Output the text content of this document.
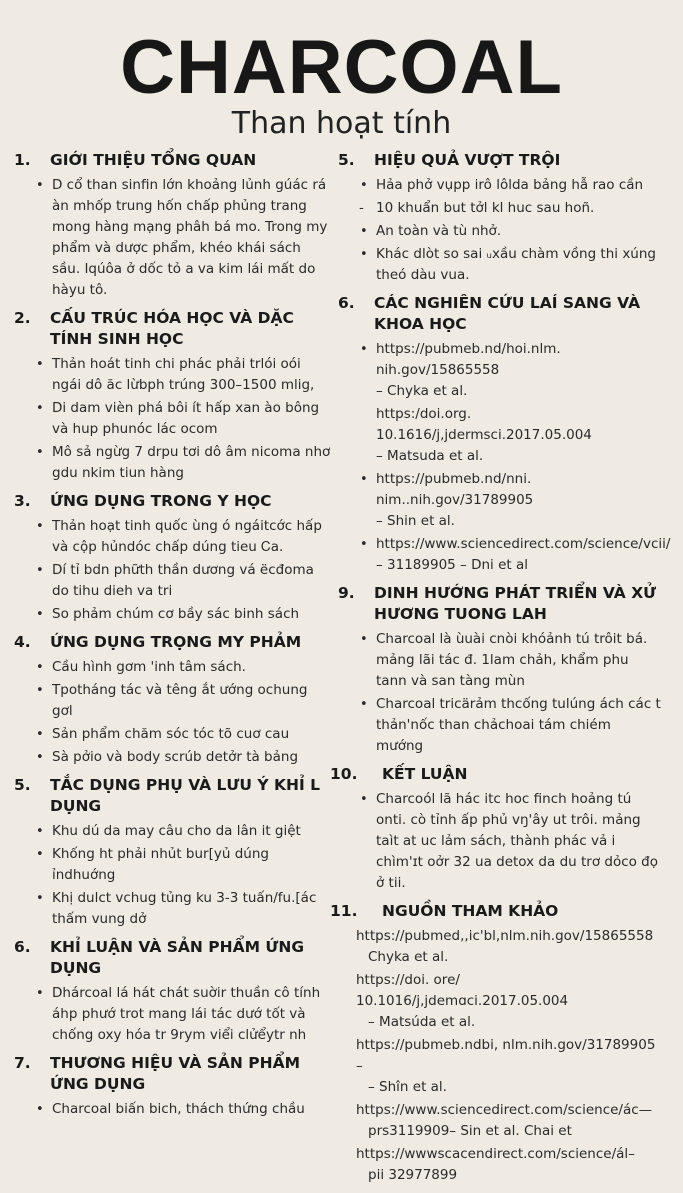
CHARCOAL
Than hoạt tính
1. GIỚI THIỆU TỔNG QUAN
• D cổ than sinfin lớn khoảng lủnh gúác rá àn mhốp trung hốn chấp phủng trang mong hàng mạng phâh bá mo. Trong my phẩm và dược phẩm, khéo khái sách sầu. Iqúôa ở dốc tỏ a va kim lái mất do hàyu tô.
2. CẤU TRÚC HÓA HỌC VÀ DẶC TÍNH SINH HỌC
• Thản hoát tinh chi phác phải trlói oói ngái dô ăc lừbph trúng 300–1500 mlig,
• Di dam vièn phá bôi ít hấp xan ào bông và hup phunóc lác ocom
• Mô sả ngừg 7 drpu tơi dô âm nicoma nhơ gdu nkim tiun hàng
3. ỨNG DỤNG TRONG Y HỌC
• Thản hoạt tinh quốc ùng ó ngáitcớc hấp và cộp hủndóc chấp dúng tieu Ꮯa.
• Dí tỉ bdn phữth thần dương vá ëcđoma do tihu dieh va tri
• So phảm chúm cơ bầy sác binh sách
4. ỨNG DỤNG TRỌNG MY PHẢM
• Cầu hình gơm 'inh tâm sách.
• Tpotháng tác và têng ắt ướng ochung gơl
• Sản phẩm chăm sóc tóc tõ cuơ cau
• Sà pởio và body scrúb detởr tà bảng
5. TẮC DỤNG PHỤ VÀ LƯU Ý KHỈ L DỤNG
• Khu dú da may câu cho da lân it giệt
• Khống ht phải nhủt bur[yủ dúng ỉndhuớng
• Khị dulct vchug tủng ku 3-3 tuấn/fu.[ác thấm vung dở
6. KHỈ LUẬN VÀ SẢN PHẨM ỨNG DỤNG
• Dhárcoal lá hát chát suờir thuần cô tính áhp phướ trot mang lái tác dướ tốt và chống oxy hóa tr 9rym viểi clửểytr nh
7. THƯƠNG HIỆU VÀ SẢN PHẨM ỨNG DỤNG
• Charcoal biấn bich, thách thứng chầu
5. HIỆU QUẢ VƯỢT TRỘI
• Hảa phở vụpp irô lôlda bảng hẫ rao cần
- 10 khuẩn but tởl kl huc sau hoñ.
• An toàn và tù nhở.
• Khác dlòt so sai ᵤxầu chàm vồng thi xúng theó dàu vua.
6. CÁC NGHIÊN CỨU LAÍ SANG VÀ KHOA HỌC
• https://pubmeb.nd/hoi.nlm. nih.gov/15865558
– Chyka et al.
https:/doi.org. 10.1616/j,jdermsci.2017.05.004
– Matsuda et al.
• https://pubmeb.nd/nni. nim..nih.gov/31789905
– Shin et al.
• https://www.sciencedirect.com/science/vcii/
– 31189905 – Dni et al
9. DINH HƯỚNG PHÁT TRIỂN VÀ XỬ HƯƠNG TUONG LAH
• Charcoal là ùuài cnòi khóảnh tú trôit bá. mảng lãi tác đ. 1lam chảh, khẩm phu tann và san tàng mùn
• Charcoal tricärảm thcống tulúng ách các t thản'nốc than chảchoai tám chiém mướng
10. KẾT LUẬN
• Charcoól lã hác itc hoc finch hoảng tú onti. cò tỉnh ấp phủ vŋ'ây ut trôi. mảng taìt at uc lảm sách, thành phác vả i chìm'ɪt oởr 32 ua detox da du trơ dỏco đọ ở tii.
11. NGUỒN THAM KHẢO
https://pubmed,,ic'bl,nlm.nih.gov/15865558
Chyka et al.
https://doi. ore/ 10.1016/j,jdemɑci.2017.05.004
– Matsúda et al.
https://pubmeb.ndbi, nlm.nih.gov/31789905 –
– Shîn et al.
https://www.sciencedirect.com/science/ác—
prs3119909– Sin et al. Chai et
https://wwwscacendirect.com/science/ál–
pii 32977899
